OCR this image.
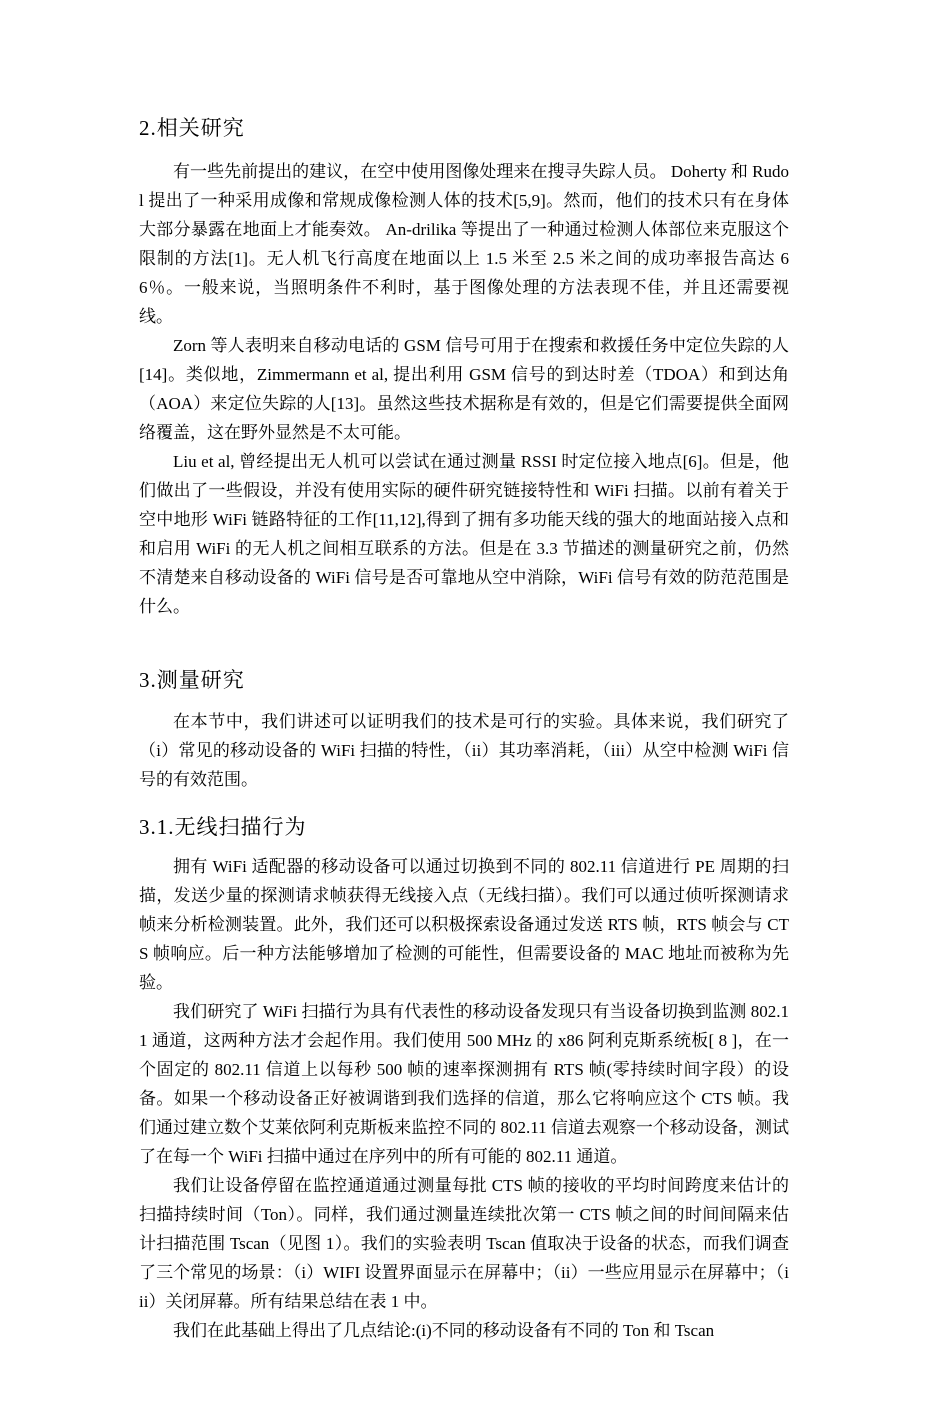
2.相关研究

有一些先前提出的建议，在空中使用图像处理来在搜寻失踪人员。 Doherty 和 Rudol 提出了一种采用成像和常规成像检测人体的技术[5,9]。然而，他们的技术只有在身体大部分暴露在地面上才能奏效。 An-drilika 等提出了一种通过检测人体部位来克服这个限制的方法[1]。无人机飞行高度在地面以上 1.5 米至 2.5 米之间的成功率报告高达 66％。一般来说，当照明条件不利时，基于图像处理的方法表现不佳，并且还需要视线。

Zorn 等人表明来自移动电话的 GSM 信号可用于在搜索和救援任务中定位失踪的人[14]。类似地，Zimmermann et al, 提出利用 GSM 信号的到达时差（TDOA）和到达角（AOA）来定位失踪的人[13]。虽然这些技术据称是有效的，但是它们需要提供全面网络覆盖，这在野外显然是不太可能。

Liu et al, 曾经提出无人机可以尝试在通过测量 RSSI 时定位接入地点[6]。但是，他们做出了一些假设，并没有使用实际的硬件研究链接特性和 WiFi 扫描。以前有着关于空中地形 WiFi 链路特征的工作[11,12],得到了拥有多功能天线的强大的地面站接入点和和启用 WiFi 的无人机之间相互联系的方法。但是在 3.3 节描述的测量研究之前，仍然不清楚来自移动设备的 WiFi 信号是否可靠地从空中消除，WiFi 信号有效的防范范围是什么。

3.测量研究

在本节中，我们讲述可以证明我们的技术是可行的实验。具体来说，我们研究了（i）常见的移动设备的 WiFi 扫描的特性，（ii）其功率消耗，（iii）从空中检测 WiFi 信号的有效范围。

3.1.无线扫描行为

拥有 WiFi 适配器的移动设备可以通过切换到不同的 802.11 信道进行 PE 周期的扫描，发送少量的探测请求帧获得无线接入点（无线扫描）。我们可以通过侦听探测请求帧来分析检测装置。此外，我们还可以积极探索设备通过发送 RTS 帧，RTS 帧会与 CTS 帧响应。后一种方法能够增加了检测的可能性，但需要设备的 MAC 地址而被称为先验。

我们研究了 WiFi 扫描行为具有代表性的移动设备发现只有当设备切换到监测 802.11 通道，这两种方法才会起作用。我们使用 500 MHz 的 x86 阿利克斯系统板[ 8 ]，在一个固定的 802.11 信道上以每秒 500 帧的速率探测拥有 RTS 帧(零持续时间字段）的设备。如果一个移动设备正好被调谐到我们选择的信道，那么它将响应这个 CTS 帧。我们通过建立数个艾莱依阿利克斯板来监控不同的 802.11 信道去观察一个移动设备，测试了在每一个 WiFi 扫描中通过在序列中的所有可能的 802.11 通道。

我们让设备停留在监控通道通过测量每批 CTS 帧的接收的平均时间跨度来估计的扫描持续时间（Ton）。同样，我们通过测量连续批次第一 CTS 帧之间的时间间隔来估计扫描范围 Tscan（见图 1）。我们的实验表明 Tscan 值取决于设备的状态，而我们调查了三个常见的场景：（i）WIFI 设置界面显示在屏幕中；（ii）一些应用显示在屏幕中；（iii）关闭屏幕。所有结果总结在表 1 中。

我们在此基础上得出了几点结论:(i)不同的移动设备有不同的 Ton 和 Tscan
